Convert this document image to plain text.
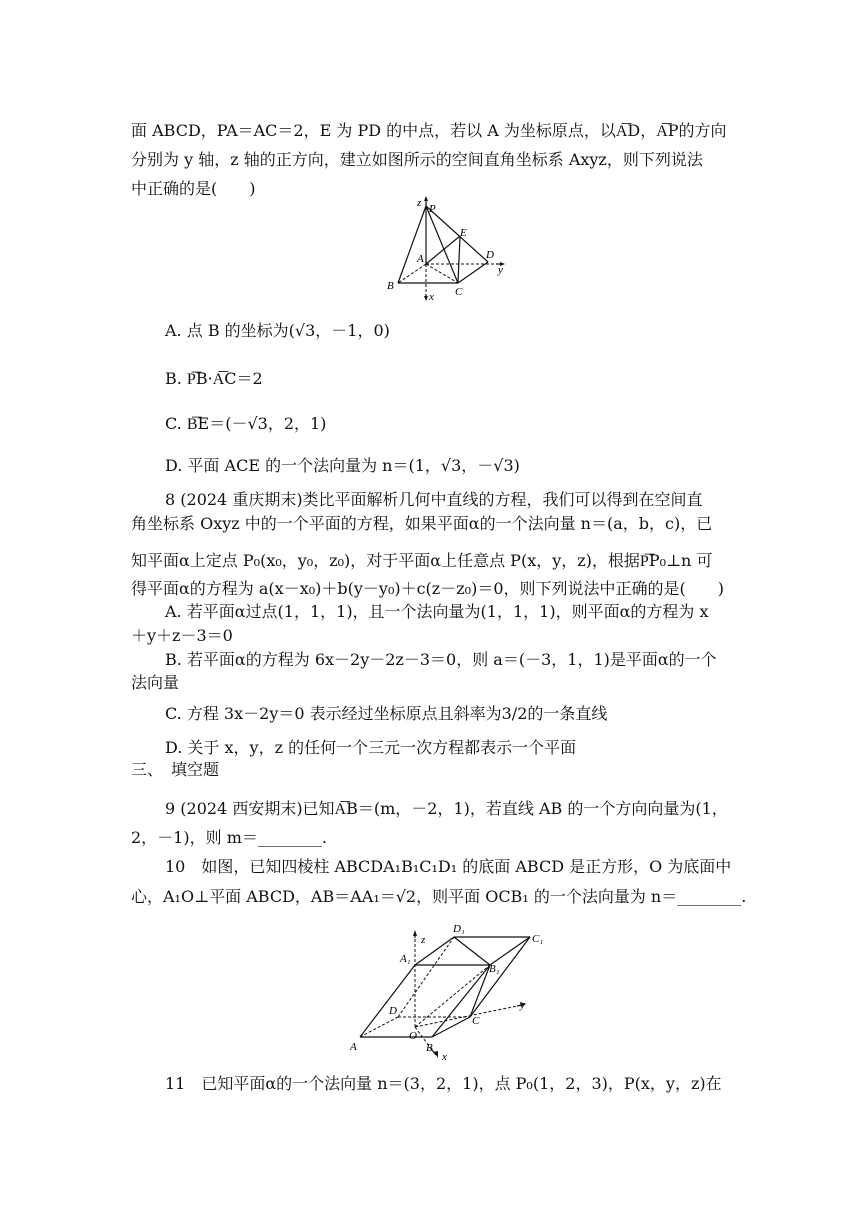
面 ABCD，PA＝AC＝2，E 为 PD 的中点，若以 A 为坐标原点，以A͞D，A͞P的方向
分别为 y 轴，z 轴的正方向，建立如图所示的空间直角坐标系 Axyz，则下列说法
中正确的是(　　)
z P
E
A	D
y
B
x C
A. 点 B 的坐标为(√3，－1，0)
B. P͞B·A͞C＝2
C. B͞E＝(－√3，2，1)
D. 平面 ACE 的一个法向量为 n＝(1，√3，－√3)
8 (2024 重庆期末)类比平面解析几何中直线的方程，我们可以得到在空间直
角坐标系 Oxyz 中的一个平面的方程，如果平面α的一个法向量 n＝(a，b，c)，已
知平面α上定点 P₀(x₀，y₀，z₀)，对于平面α上任意点 P(x，y，z)，根据P͞P₀⊥n 可
得平面α的方程为 a(x－x₀)＋b(y－y₀)＋c(z－z₀)＝0，则下列说法中正确的是(　　)
A. 若平面α过点(1，1，1)，且一个法向量为(1，1，1)，则平面α的方程为 x
＋y＋z－3＝0
B. 若平面α的方程为 6x－2y－2z－3＝0，则 a＝(－3，1，1)是平面α的一个
法向量
C. 方程 3x－2y＝0 表示经过坐标原点且斜率为3/2的一条直线
D. 关于 x，y，z 的任何一个三元一次方程都表示一个平面
三、　填空题
9 (2024 西安期末)已知A͞B＝(m，－2，1)，若直线 AB 的一个方向向量为(1，
2，－1)，则 m＝________.
10　如图，已知四棱柱 ABCDA₁B₁C₁D₁ 的底面 ABCD 是正方形，O 为底面中
心，A₁O⊥平面 ABCD，AB＝AA₁＝√2，则平面 OCB₁ 的一个法向量为 n＝________.
z
D₁
C₁
A₁
B₁
D
C
y
O
A	B
x
11　已知平面α的一个法向量 n＝(3，2，1)，点 P₀(1，2，3)，P(x，y，z)在
